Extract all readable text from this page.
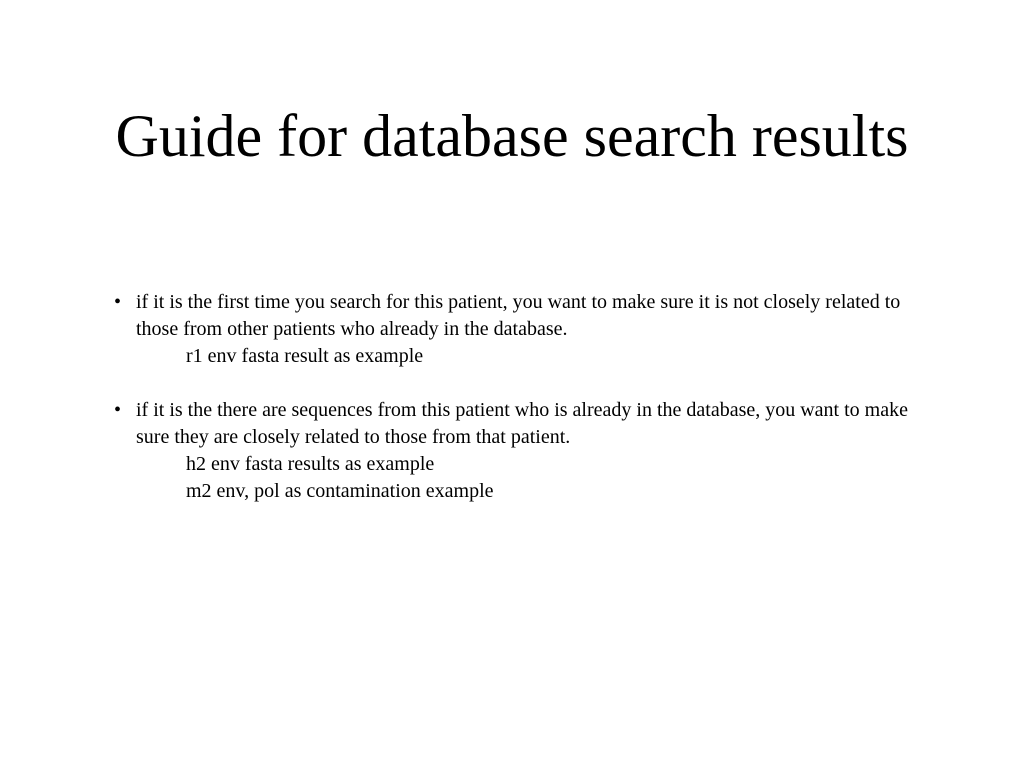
Guide for database search results
• if it is the first time you search for this patient, you want to make sure it is not closely related to those from other patients who already in the database.
r1 env fasta result as example
• if it is the there are sequences from this patient who is already in the database, you want to make sure they are closely related to those from that patient.
h2 env fasta results as example
m2 env, pol as contamination example
